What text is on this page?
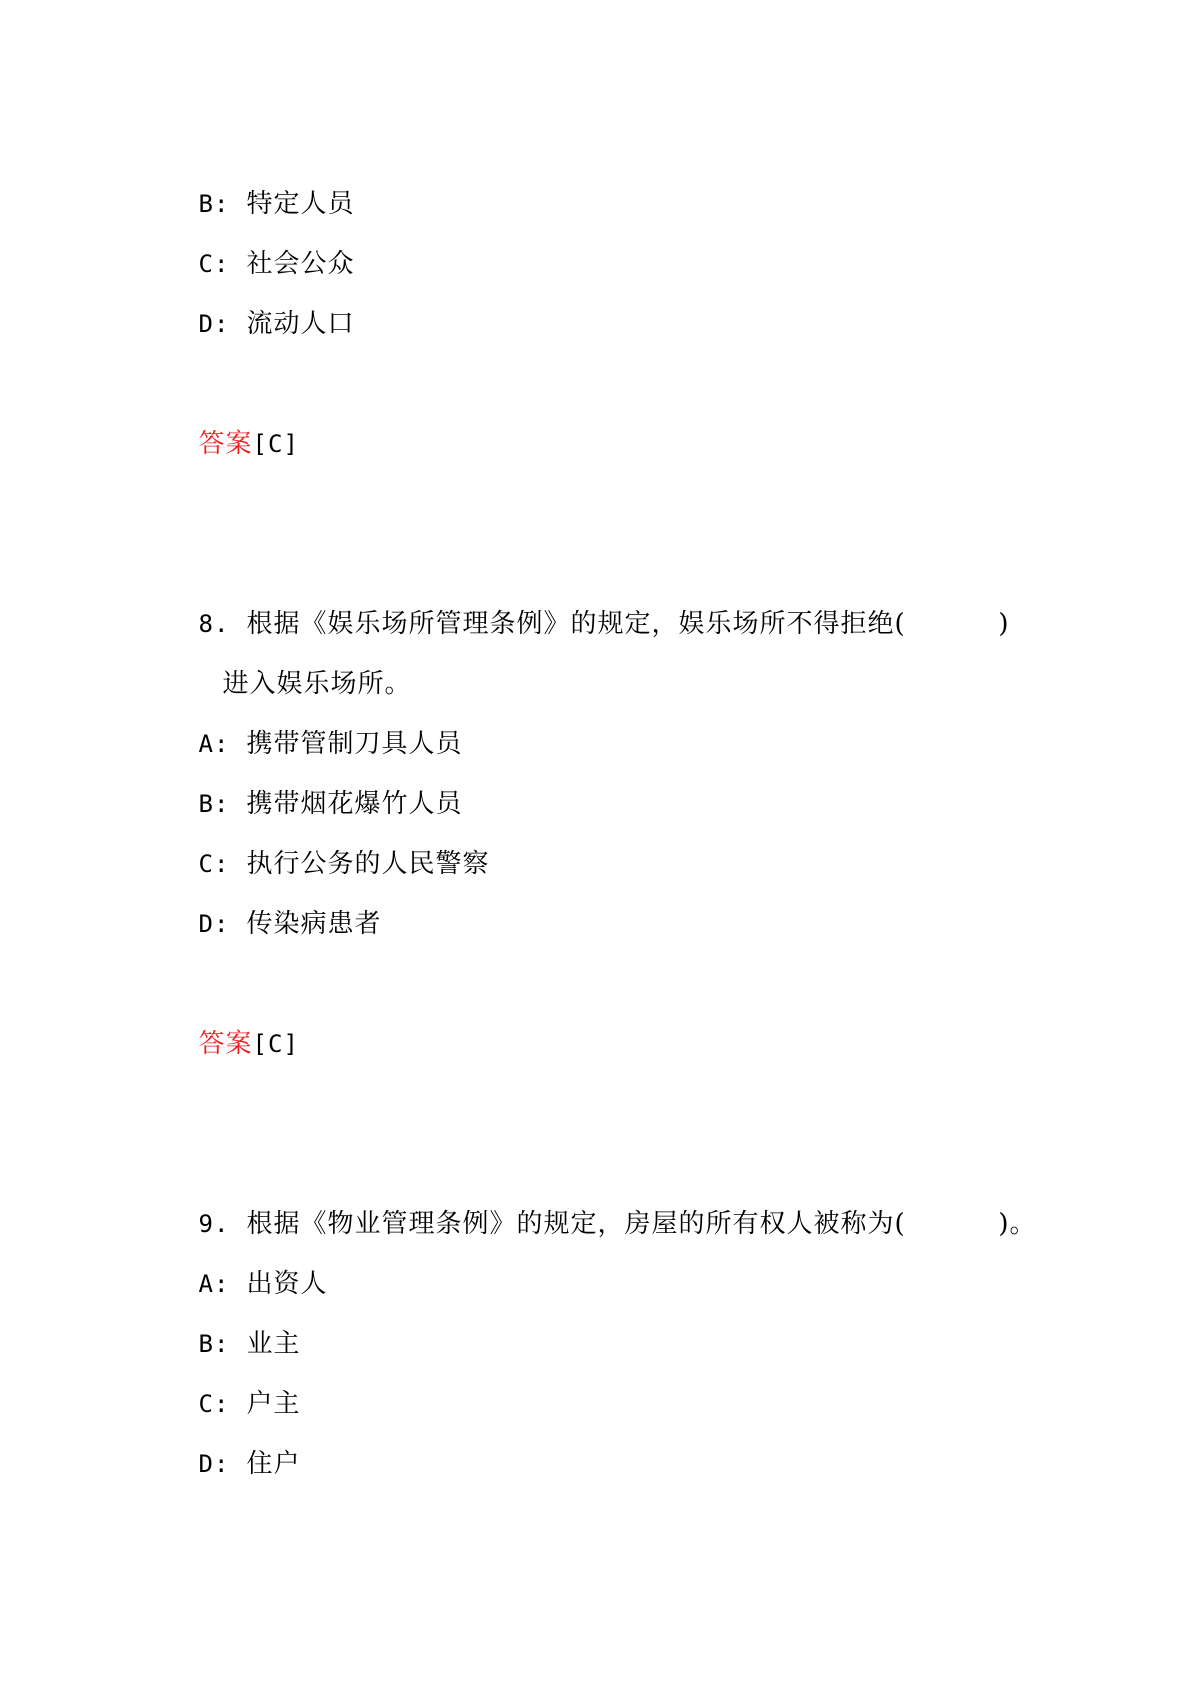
B: 特定人员

C: 社会公众

D: 流动人口

答案[C]

8. 根据《娱乐场所管理条例》的规定，娱乐场所不得拒绝(          )

进入娱乐场所。

A: 携带管制刀具人员

B: 携带烟花爆竹人员

C: 执行公务的人民警察

D: 传染病患者

答案[C]

9. 根据《物业管理条例》的规定，房屋的所有权人被称为(          )。

A: 出资人

B: 业主

C: 户主

D: 住户
